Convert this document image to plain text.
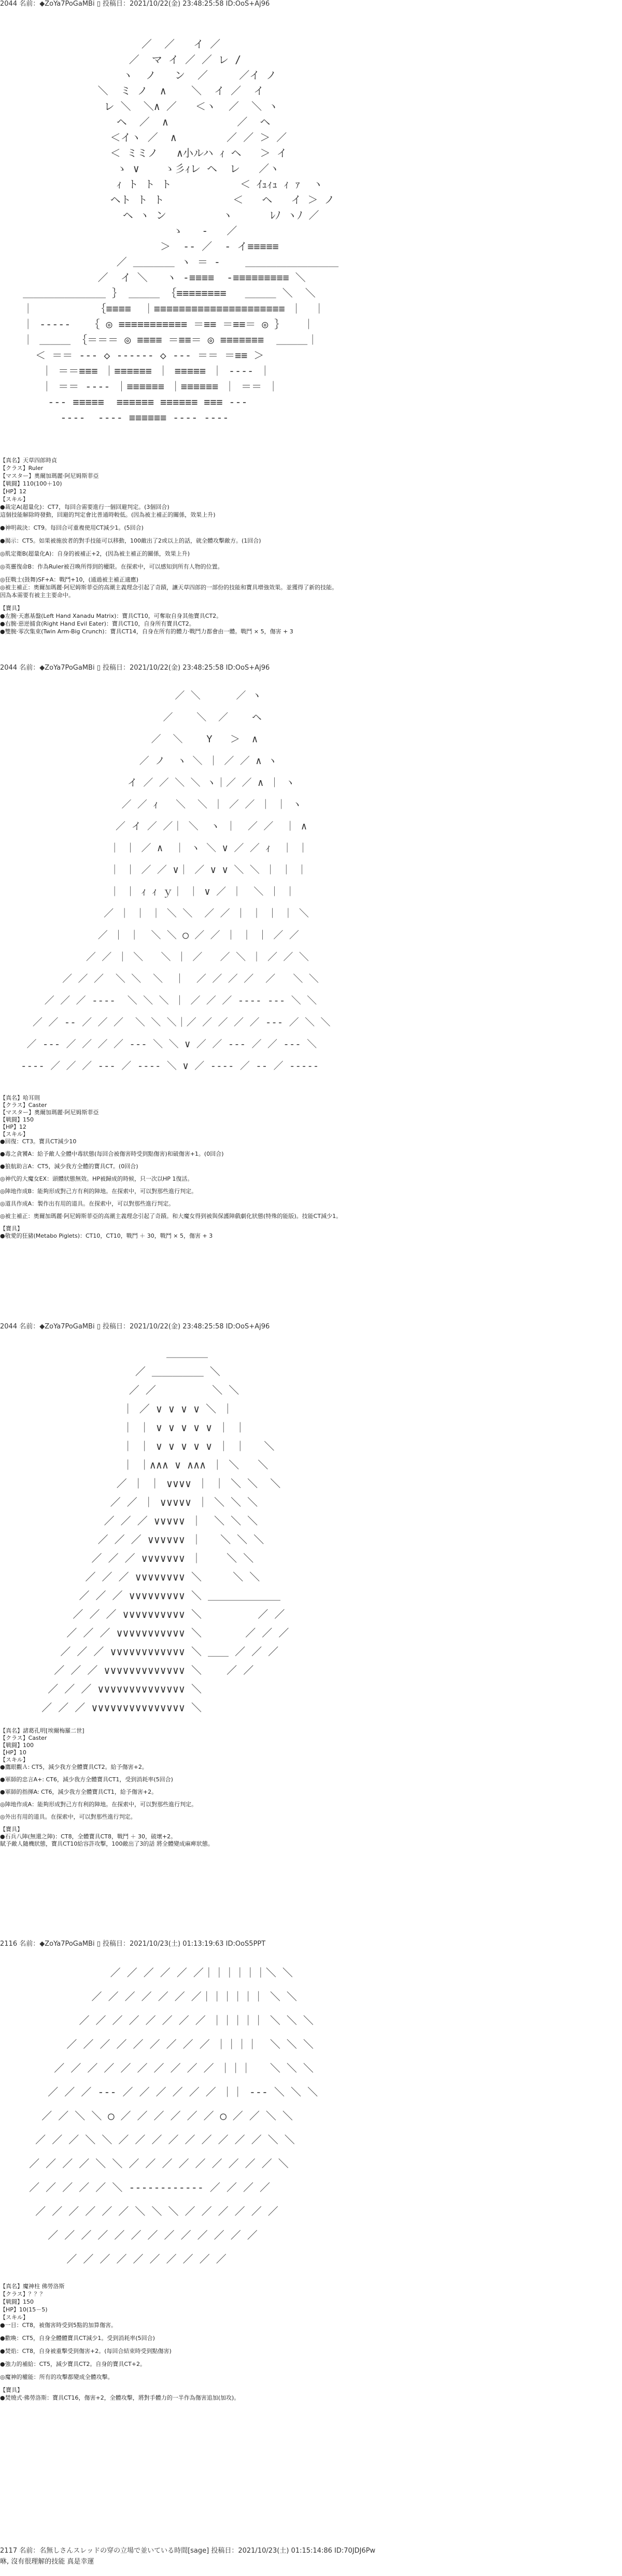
2044 名前：◆ZoYa7PoGaMBi ▯ 投稿日：2021/10/22(金) 23:48:25:58 ID:OoS+Aj96
／  ／   イ ／
／  マ イ ／ ／ レ /
ヽ  ノ   ン  ／     ／イ ノ
＼  ミ ノ  ∧    ＼  イ ／  イ
レ ＼  ＼∧ ／   ＜ヽ  ／  ＼ ヽ
ヘ  ／  ∧           ／  ヘ
＜イヽ ／  ∧        ／ ／ ＞ ／
＜ ミミノ   ∧小ルハ ｨ ヘ   ＞ イ
ゝ ∨    ゝ彡ｨレ ヘ  レ   ／ヽ
ｨ ト ト ト           ＜ ｲｭｨｭ ｨ ｧ  ヽ
ヘト ト ト           ＜   ヘ   イ ＞ ノ
ヘ ヽ ン         ヽ      ﾚﾉ ヽﾉ ／
ゝ   ‐   ／
＞  ‐‐ ／  ‐ イ≡≡≡≡≡
／ ＿＿＿＿ ヽ ＝ ‐    ＿＿＿＿＿＿＿＿＿
／  イ ＼   ヽ ‐≡≡≡≡  ‐≡≡≡≡≡≡≡≡≡ ＼
＿＿＿＿＿＿＿＿ ｝ ＿＿＿ ｛≡≡≡≡≡≡≡≡   ＿＿＿ ＼  ＼
｜          ｛≡≡≡≡  ｜≡≡≡≡≡≡≡≡≡≡≡≡≡≡≡≡≡≡≡≡≡ ｜  ｜
｜ ‐‐‐‐‐   ｛ ◎ ≡≡≡≡≡≡≡≡≡≡≡ ＝≡≡ ＝≡≡＝ ◎ ｝   ｜
｜ ＿＿＿ ｛＝＝＝ ◎ ≡≡≡≡ ＝≡≡＝ ◎ ≡≡≡≡≡≡≡  ＿＿＿｜
＜ ＝＝ ‐‐‐ ◇ ‐‐‐‐‐‐ ◇ ‐‐‐ ＝＝ ＝≡≡ ＞
｜ ＝＝≡≡≡ ｜≡≡≡≡≡≡ ｜ ≡≡≡≡≡ ｜ ‐‐‐‐ ｜
｜ ＝＝ ‐‐‐‐ ｜≡≡≡≡≡≡ ｜≡≡≡≡≡≡ ｜ ＝＝ ｜
‐‐‐ ≡≡≡≡≡  ≡≡≡≡≡≡ ≡≡≡≡≡≡ ≡≡≡ ‐‐‐
‐‐‐‐  ‐‐‐‐ ≡≡≡≡≡≡ ‐‐‐‐ ‐‐‐‐
【真名】天草四郎時貞
【クラス】Ruler
【マスター】奧爾加瑪麗‧阿尼姆斯菲亞
【戦闘】110(100＋10)
【HP】12
【スキル】
●裁定A(超量化)：CT7，每回合需要進行一個回避判定。(3個回合)
這個技能解除時發動，回避的判定會比普通時較低。(因為被主補正的關係，效果上升)
●神明裁決：CT9。每回合可重複使用CT減少1。(5回合)
●揭示：CT5。如果被施放者的對手技能可以移動，100敵出了2或以上的話，就全體攻擊敵方。(1回合)
◎肌定衛B(超量化A)：自身的被補正+2，(因為被主補正的關係，效果上升)
◎英靈復命B：作為Ruler被召喚所得到的權限。在探索中，可以感知到所有人物的位置。
◎狂戰士(鼓舞)SF+A：戰鬥+10，(通過被主補正適應)
◎被主補正：奧爾加瑪麗‧阿尼姆斯菲亞的高潮主義理念引起了奇蹟，讓天草四郎的一部份的技能和寶具增強效果。並獲得了新的技能。
因為本需要有被主主要命中。
【寶具】
●左腕‧天惠基盤(Left Hand Xanadu Matrix)：寶具CT10，可奪取自身其他寶具CT2。
●右腕‧惡逆捕食(Right Hand Evil Eater)：寶具CT10，自身所有寶具CT2。
●雙腕‧零次集束(Twin Arm-Big Crunch)：寶具CT14，自身在所有的體力‧戰鬥力都會由一體。戰鬥 × 5，傷害 + 3
2044 名前：◆ZoYa7PoGaMBi ▯ 投稿日：2021/10/22(金) 23:48:25:58 ID:OoS+Aj96
／ ＼      ／ ヽ
／    ＼  ／    ヘ
／  ＼    Y   ＞  ∧
／ ノ  ヽ ＼ ｜ ／ ／ ∧ ヽ
イ ／ ／ ＼ ＼ ヽ｜／ ／ ∧ ｜ ヽ
／ ／ ｨ   ＼  ＼ ｜ ／ ／ ｜ ｜ ヽ
／ イ ／ ／｜ ＼  ヽ ｜  ／ ／  ｜ ∧
｜ ｜ ／ ∧  ｜ ヽ ＼ ∨ ／ ／ ｨ  ｜ ｜
｜ ｜ ／ ／ ∨｜ ／ ∨ ∨ ＼ ＼ ｜ ｜ ｜
｜ ｜ ｨ ｨ ｙ｜ ｜ ∨ ／ ｜  ＼ ｜ ｜
／ ｜ ｜ ｜ ＼ ＼  ／ ／ ｜ ｜ ｜ ｜ ＼
／ ｜ ｜  ＼ ＼ ◯ ／ ／ ｜ ｜ ｜ ／ ／
／ ／ ｜ ＼   ＼ ｜ ／   ／ ＼ ｜ ／ ／ ＼
／ ／ ／  ＼ ＼  ＼  ｜  ／ ／ ／ ／  ／   ＼ ＼
／ ／ ／ ‐‐‐‐  ＼ ＼ ＼ ｜ ／ ／ ／ ‐‐‐‐ ‐‐‐ ＼ ＼
／ ／ ‐‐ ／ ／ ／  ＼ ＼ ＼｜／ ／ ／ ／ ／ ‐‐‐ ／ ＼ ＼
／ ‐‐‐ ／ ／ ／ ／ ‐‐‐ ＼ ＼ ∨ ／ ／ ‐‐‐ ／ ／ ‐‐‐ ＼
‐‐‐‐ ／ ／ ／ ‐‐‐ ／ ‐‐‐‐ ＼ ∨ ／ ‐‐‐‐ ／ ‐‐ ／ ‐‐‐‐‐
【真名】哈耳則
【クラス】Caster
【マスター】奧爾加瑪麗‧阿尼姆斯菲亞
【戦闘】150
【HP】12
【スキル】
●回復：CT3。寶具CT減少10
●毒之貪饕A：給予敵人全體中毒狀態(每回合被傷害時受到點傷害)和破傷害+1。(0回合)
●狼航助言A：CT5，減少我方全體的寶具CT。(0回合)
◎神代的大魔女EX：頭體狀態無效。HP被歸成的時候，只一次以HP 1復活。
◎陣地作成B：能夠形成對己方有利的陣地。在探索中，可以對那些進行判定。
◎道具作成A：製作出有用的道具。在探索中，可以對那些進行判定。
◎被主補正：奧爾加瑪麗‧阿尼姆斯菲亞的高潮主義理念引起了奇蹟。和大魔女得到被與保護陣戲劇化狀態(特殊的能版)。技能CT減少1。
【寶具】
●敬愛的狂豬(Metabo Piglets)：CT10，CT10，戰鬥 ＋ 30，戰鬥 × 5，傷害 + 3
2044 名前：◆ZoYa7PoGaMBi ▯ 投稿日：2021/10/22(金) 23:48:25:58 ID:OoS+Aj96
＿＿＿＿
／ ＿＿＿＿＿ ＼
／ ／         ＼ ＼
｜ ／ ∨ ∨ ∨ ∨ ＼ ｜
｜ ｜ ∨ ∨ ∨ ∨ ∨ ｜ ｜
｜ ｜ ∨ ∨ ∨ ∨ ∨ ｜ ｜   ＼
｜ ｜∧∧∧ ∨ ∧∧∧ ｜ ＼   ＼
／ ｜ ｜ ∨∨∨∨ ｜ ｜ ＼ ＼  ＼
／ ／ ｜ ∨∨∨∨∨ ｜ ＼ ＼ ＼
／ ／ ／ ∨∨∨∨∨ ｜  ＼ ＼ ＼
／ ／ ／ ∨∨∨∨∨∨ ｜   ＼ ＼ ＼
／ ／ ／ ∨∨∨∨∨∨∨ ｜    ＼ ＼
／ ／ ／ ∨∨∨∨∨∨∨∨ ＼     ＼ ＼
／ ／ ／ ∨∨∨∨∨∨∨∨∨ ＼ ＿＿＿＿＿＿＿
／ ／ ／ ∨∨∨∨∨∨∨∨∨∨ ＼         ／ ／
／ ／ ／ ∨∨∨∨∨∨∨∨∨∨∨ ＼       ／ ／ ／
／ ／ ／ ∨∨∨∨∨∨∨∨∨∨∨∨ ＼ ＿＿ ／ ／ ／
／ ／ ／ ∨∨∨∨∨∨∨∨∨∨∨∨∨ ＼    ／ ／
／ ／ ／ ∨∨∨∨∨∨∨∨∨∨∨∨∨∨ ＼
／ ／ ／ ∨∨∨∨∨∨∨∨∨∨∨∨∨∨∨ ＼
【真名】諸葛孔明[埃爾梅羅二世]
【クラス】Caster
【戦闘】100
【HP】10
【スキル】
●鷹眼觀Ａ: CT5，減少我方全體寶具CT2。給予傷害+2。
●軍師的忠言A+: CT6，減少我方全體寶具CT1，受到消耗率(5回合)
●軍師的指揮A: CT6，減少我方全體寶具CT1，給予傷害+2。
◎陣地作成A：能夠形成對己方有利的陣地。在探索中，可以對那些進行判定。
◎外出有用的道具。在探索中，可以對那些進行判定。
【寶具】
●石兵八陣(無還之陣)：CT8，全體寶具CT8，戰鬥 ＋ 30，破壞+2。
賦予敵人隨機狀態，寶具CT10給容許攻擊，100敵出了3的話 將全體變成麻痺狀態。
2116 名前：◆ZoYa7PoGaMBi ▯ 投稿日：2021/10/23(土) 01:13:19:63 ID:OoS5PPT
／ ／ ／ ／ ／ ／｜｜｜｜｜｜＼ ＼
／ ／ ／ ／ ／ ／ ／｜｜｜｜｜｜ ＼ ＼
／ ／ ／ ／ ／ ／ ／ ／ ｜｜｜｜｜ ＼ ＼ ＼
／ ／ ／ ／ ／ ／ ／ ／ ／ ｜｜｜｜  ＼ ＼ ＼
／ ／ ／ ／ ／ ／ ／ ／ ／ ／ ｜｜｜   ＼ ＼ ＼
／ ／ ／ ‐‐‐ ／ ／ ／ ／ ／ ／ ｜｜ ‐‐‐ ＼ ＼ ＼
／ ／ ＼ ＼ ◯ ／ ／ ／ ／ ／ ／ ◯ ／ ／ ＼ ＼
／ ／ ／ ＼ ＼ ／ ／ ／ ／ ／ ／ ／ ／ ／ ＼ ＼
／ ／ ／ ／ ＼ ＼ ／ ／ ／ ／ ／ ／ ／ ／ ／ ＼
／ ／ ／ ／ ／ ＼ ‐‐‐‐‐‐‐‐‐‐‐‐ ／ ／ ／ ／
／ ／ ／ ／ ／ ／ ＼ ＼ ＼ ／ ／ ／ ／ ／ ／
／ ／ ／ ／ ／ ／ ／ ／ ／ ／ ／ ／ ／
／ ／ ／ ／ ／ ／ ／ ／ ／ ／
【真名】魔神柱 佛勞洛斯
【クラス】？？？
【戦闘】150
【HP】10(15－5)
【スキル】
●一目：CT8，被傷害時受到5點的加算傷害。
●歡喚：CT5，自身全體體寶具CT減少1。受到消耗率(5回合)
●焚焰：CT8，自身被重擊受到傷害+2。(每回合結束時受到點傷害)
●強力的補給：CT5，減少寶具CT2。自身的寶具CT+2。
◎魔神的權能：所有的攻擊都變成全體攻擊。
【寶具】
●焚燒式‧佛勞洛斯：寶具CT16，傷害+2，全體攻擊，將對手體力的一半作為傷害追加(加攻)。
2117 名前：名無しさんスレッドの穿の立場で並いている時間[sage] 投稿日：2021/10/23(土) 01:15:14:86 ID:70JDJ6Pw
咻, 沒有很理解的技能 真是幸運
